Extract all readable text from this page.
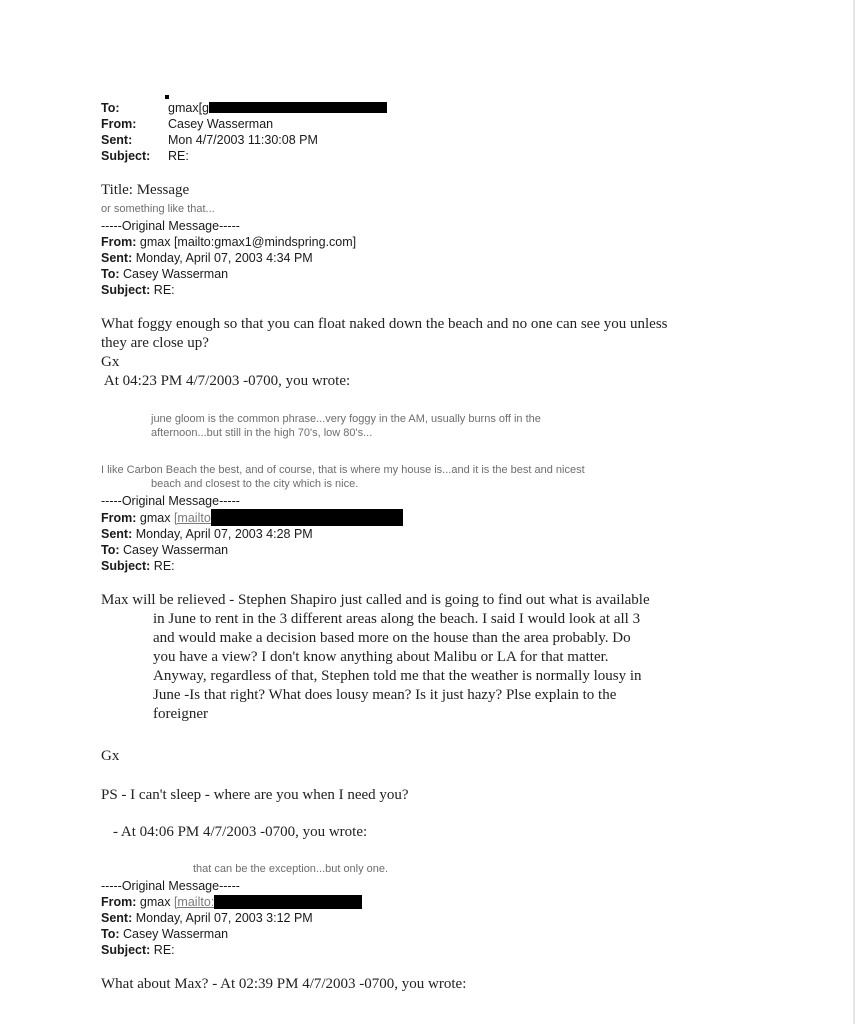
To:	gmax[g
From:	Casey Wasserman
Sent:	Mon 4/7/2003 11:30:08 PM
Subject:	RE:
Title: Message
or something like that...
-----Original Message-----
From: gmax [mailto:gmax1@mindspring.com]
Sent: Monday, April 07, 2003 4:34 PM
To: Casey Wasserman
Subject: RE:
What foggy enough so that you can float naked down the beach and no one can see you unless
they are close up?
Gx
At 04:23 PM 4/7/2003 -0700, you wrote:
june gloom is the common phrase...very foggy in the AM, usually burns off in the
afternoon...but still in the high 70's, low 80's...
I like Carbon Beach the best, and of course, that is where my house is...and it is the best and nicest
beach and closest to the city which is nice.
-----Original Message-----
From: gmax [mailto
Sent: Monday, April 07, 2003 4:28 PM
To: Casey Wasserman
Subject: RE:
Max will be relieved - Stephen Shapiro just called and is going to find out what is available
in June to rent in the 3 different areas along the beach. I said I would look at all 3
and would make a decision based more on the house than the area probably. Do
you have a view? I don't know anything about Malibu or LA for that matter.
Anyway, regardless of that, Stephen told me that the weather is normally lousy in
June -Is that right? What does lousy mean? Is it just hazy? Plse explain to the
foreigner
Gx
PS - I can't sleep - where are you when I need you?
- At 04:06 PM 4/7/2003 -0700, you wrote:
that can be the exception...but only one.
-----Original Message-----
From: gmax [mailto:
Sent: Monday, April 07, 2003 3:12 PM
To: Casey Wasserman
Subject: RE:
What about Max? - At 02:39 PM 4/7/2003 -0700, you wrote:
